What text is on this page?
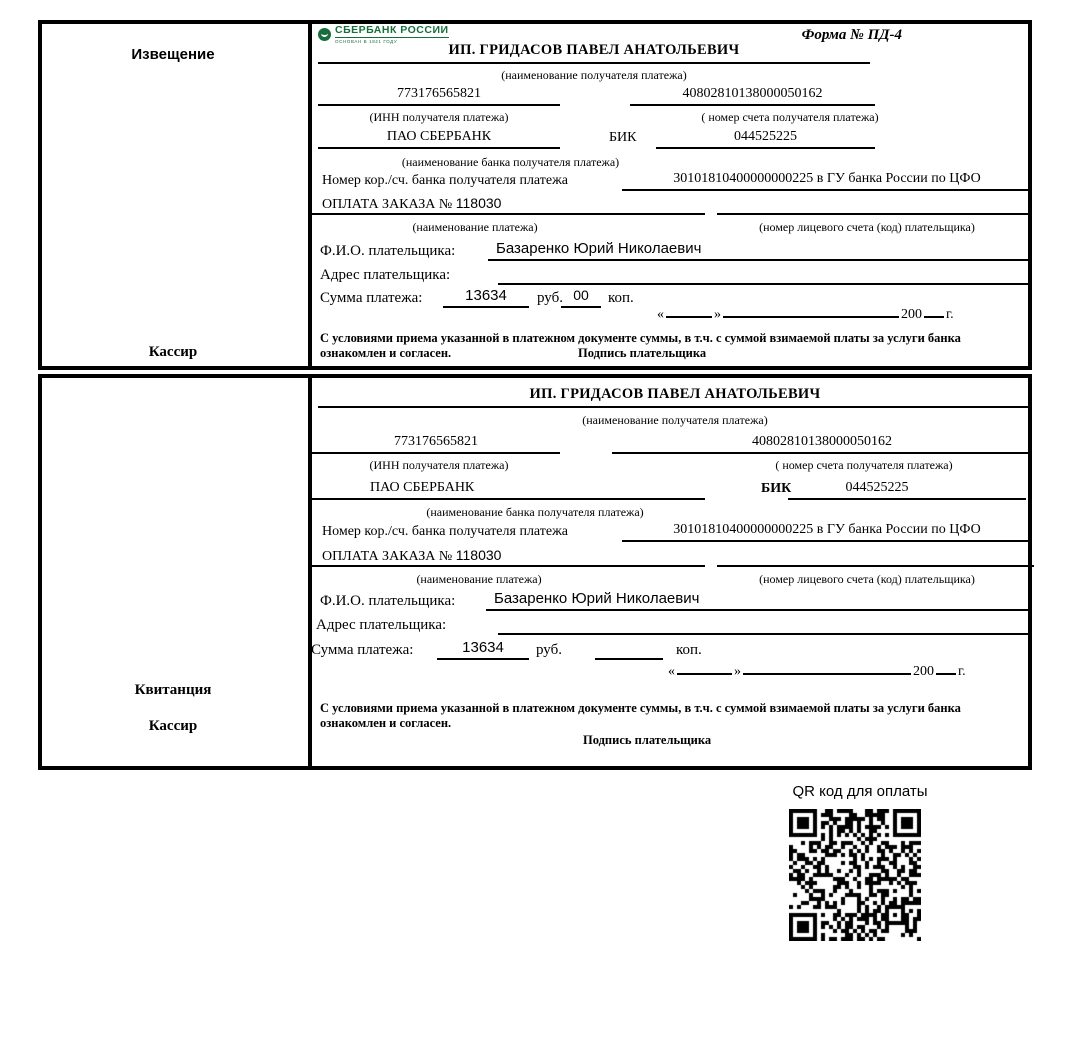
Извещение
Кассир
СБЕРБАНК РОССИИ
ОСНОВАН В 1841 ГОДУ	Форма № ПД-4
ИП. ГРИДАСОВ ПАВЕЛ АНАТОЛЬЕВИЧ
(наименование получателя платежа)
773176565821	40802810138000050162
(ИНН получателя платежа)	( номер счета получателя платежа)
ПАО СБЕРБАНК	БИК	044525225
(наименование банка получателя платежа)
Номер кор./сч. банка получателя платежа	30101810400000000225 в ГУ банка России по ЦФО
ОПЛАТА ЗАКАЗА № 118030
(наименование платежа)	(номер лицевого счета (код) плательщика)
Ф.И.О. плательщика:	Базаренко Юрий Николаевич
Адрес плательщика:
Сумма платежа:	13634	руб. 00	коп.
«	»	200 г.
С условиями приема указанной в платежном документе суммы, в т.ч. с суммой взимаемой платы за услуги банка
ознакомлен и согласен.	Подпись плательщика
Квитанция
Кассир
ИП. ГРИДАСОВ ПАВЕЛ АНАТОЛЬЕВИЧ
(наименование получателя платежа)
773176565821	40802810138000050162
(ИНН получателя платежа)	( номер счета получателя платежа)
ПАО СБЕРБАНК	БИК	044525225
(наименование банка получателя платежа)
Номер кор./сч. банка получателя платежа	30101810400000000225 в ГУ банка России по ЦФО
ОПЛАТА ЗАКАЗА № 118030
(наименование платежа)	(номер лицевого счета (код) плательщика)
Ф.И.О. плательщика:	Базаренко Юрий Николаевич
Адрес плательщика:
Сумма платежа:	13634	руб.	коп.
«	»	200 г.
С условиями приема указанной в платежном документе суммы, в т.ч. с суммой взимаемой платы за услуги банка
ознакомлен и согласен.
Подпись плательщика
QR код для оплаты
